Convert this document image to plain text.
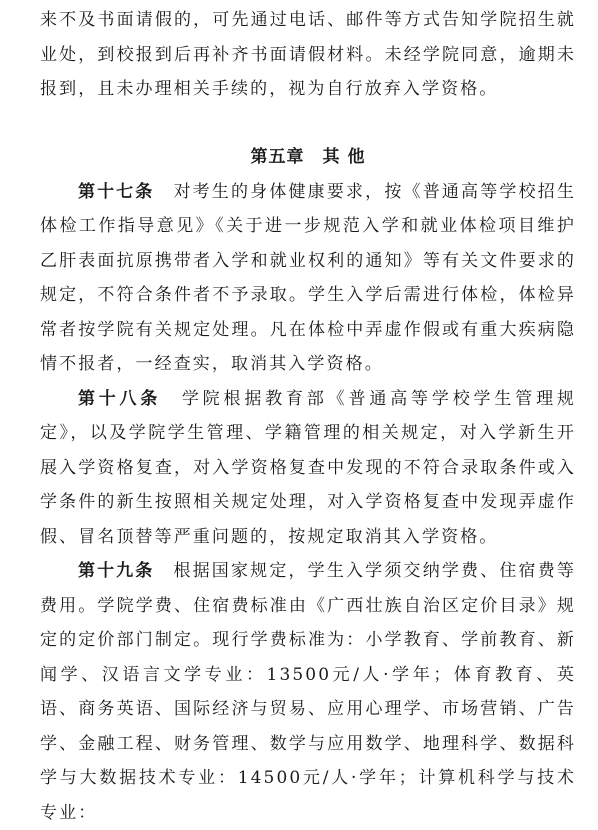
来不及书面请假的，可先通过电话、邮件等方式告知学院招生就业处，到校报到后再补齐书面请假材料。未经学院同意，逾期未报到，且未办理相关手续的，视为自行放弃入学资格。

第五章　其 他

第十七条　 对考生的身体健康要求，按《普通高等学校招生体检工作指导意见》《关于进一步规范入学和就业体检项目维护乙肝表面抗原携带者入学和就业权利的通知》等有关文件要求的规定，不符合条件者不予录取。学生入学后需进行体检，体检异常者按学院有关规定处理。凡在体检中弄虚作假或有重大疾病隐情不报者，一经查实，取消其入学资格。

第十八条　 学院根据教育部《普通高等学校学生管理规定》，以及学院学生管理、学籍管理的相关规定，对入学新生开展入学资格复查，对入学资格复查中发现的不符合录取条件或入学条件的新生按照相关规定处理，对入学资格复查中发现弄虚作假、冒名顶替等严重问题的，按规定取消其入学资格。

第十九条　 根据国家规定，学生入学须交纳学费、住宿费等费用。学院学费、住宿费标准由《广西壮族自治区定价目录》规定的定价部门制定。现行学费标准为：小学教育、学前教育、新闻学、汉语言文学专业：13500元/人·学年；体育教育、英语、商务英语、国际经济与贸易、应用心理学、市场营销、广告学、金融工程、财务管理、数学与应用数学、地理科学、数据科学与大数据技术专业：14500元/人·学年；计算机科学与技术专业：
